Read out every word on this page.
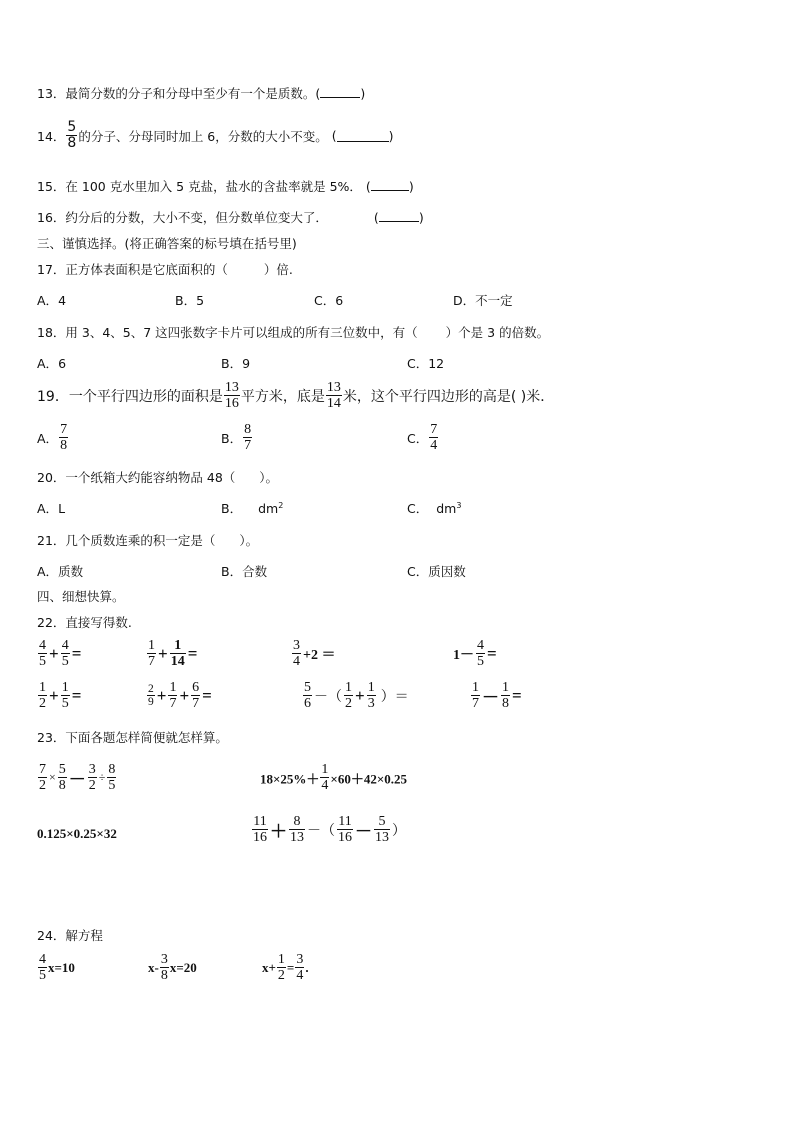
13．最简分数的分子和分母中至少有一个是质数。(	)
14． $\frac{5}{8}$ 的分子、分母同时加上 6，分数的大小不变。 (	)
15．在 100 克水里加入 5 克盐，盐水的含盐率就是 5%． (	)
16．约分后的分数，大小不变，但分数单位变大了．	(	)
三、谨慎选择。(将正确答案的标号填在括号里)
17．正方体表面积是它底面积的（	）倍.
A．4	B．5	C．6	D．不一定
18．用 3、4、5、7 这四张数字卡片可以组成的所有三位数中，有（ ）个是 3 的倍数。
A．6	B．9	C．12
19．一个平行四边形的面积是 $\frac{13}{16}$ 平方米，底是 $\frac{13}{14}$ 米，这个平行四边形的高是( )米．
A． $\frac{7}{8}$	B． $\frac{8}{7}$	C． $\frac{7}{4}$
20．一个纸箱大约能容纳物品 48（ ）。
A．L	B． $dm^2$	C． $dm^3$
21．几个质数连乘的积一定是（ ）。
A．质数	B．合数	C．质因数
四、细想快算。
22．直接写得数.
$\frac{4}{5} + \frac{4}{5}$ =	$\frac{1}{7} + \frac{1}{14}$ =	$\frac{3}{4} +2$ ＝	$1- \frac{4}{5}$ =
$\frac{1}{2} + \frac{1}{5}$ =	$\frac{2}{9} + \frac{1}{7} + \frac{6}{7}$ =	$\frac{5}{6}$ －（ $\frac{1}{2} + \frac{1}{3}$ ）＝	$\frac{1}{7} - \frac{1}{8}$ =
23．下面各题怎样简便就怎样算。
$\frac{7}{2} \times \frac{5}{8} - \frac{3}{2} \div \frac{8}{5}$	$18\times 25\%+ \frac{1}{4} \times 60+42\times 0.25$
0.125×0.25×32	$\frac{11}{16} + \frac{8}{13}$ －（ $\frac{11}{16} - \frac{5}{13}$ ）
24．解方程
$\frac{4}{5} x=10$	$x- \frac{3}{8} x=20$	$x+ \frac{1}{2} = \frac{3}{4}$ .
